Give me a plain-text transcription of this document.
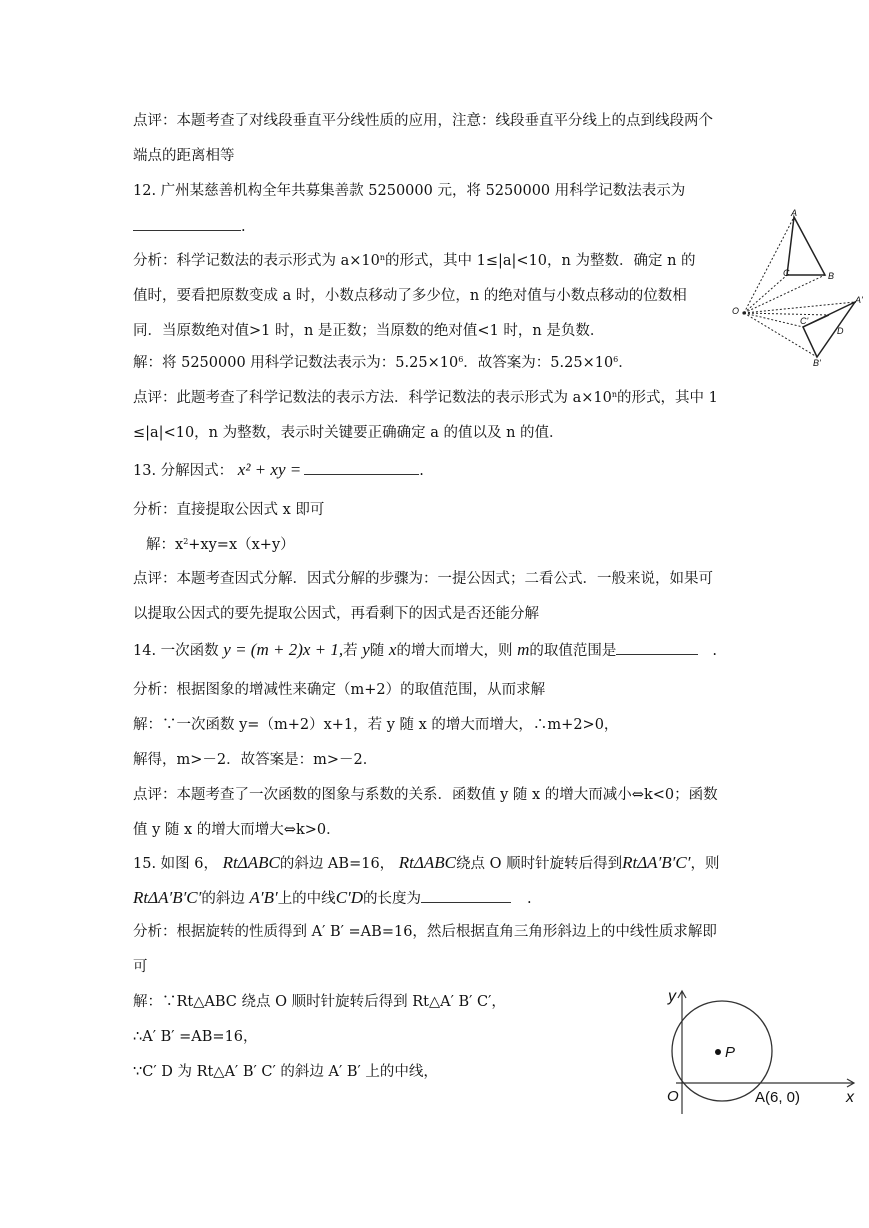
点评：本题考查了对线段垂直平分线性质的应用，注意：线段垂直平分线上的点到线段两个
端点的距离相等
12. 广州某慈善机构全年共募集善款 5250000 元，将 5250000 用科学记数法表示为
.
分析：科学记数法的表示形式为 $a\times 10^n$的形式，其中 1≤|a|<10，n 为整数．确定 n 的
值时，要看把原数变成 a 时，小数点移动了多少位，n 的绝对值与小数点移动的位数相
同．当原数绝对值>1 时，n 是正数；当原数的绝对值<1 时，n 是负数．
解：将 5250000 用科学记数法表示为：$5.25\times 10^6$．故答案为：$5.25\times 10^6$．
点评：此题考查了科学记数法的表示方法．科学记数法的表示形式为 $a\times 10^n$的形式，其中 1
≤|a|<10，n 为整数，表示时关键要正确确定 a 的值以及 n 的值．
13. 分解因式： x² + xy =	.
分析：直接提取公因式 x 即可
解：$x^2+xy=x(x+y)$
点评：本题考查因式分解．因式分解的步骤为：一提公因式；二看公式．一般来说，如果可
以提取公因式的要先提取公因式，再看剩下的因式是否还能分解
14. 一次函数 y = (m + 2)x + 1,若 y随 x的增大而增大，则 m的取值范围是	.
分析：根据图象的增减性来确定（m+2）的取值范围，从而求解
解：∵一次函数 y=（m+2）x+1，若 y 随 x 的增大而增大，∴m+2>0，
解得，m>－2．故答案是：m>－2．
点评：本题考查了一次函数的图象与系数的关系．函数值 y 随 x 的增大而减小⇔k<0；函数
值 y 随 x 的增大而增大⇔k>0．
15. 如图 6， RtΔABC的斜边 AB=16， RtΔABC绕点 O 顺时针旋转后得到RtΔA′B′C′，则
RtΔA′B′C′的斜边 A′B′上的中线C′D的长度为	.
分析：根据旋转的性质得到 A′ B′ =AB=16，然后根据直角三角形斜边上的中线性质求解即
可
解：∵Rt△ABC 绕点 O 顺时针旋转后得到 Rt△A′ B′ C′，
∴A′ B′ =AB=16，
∵C′ D 为 Rt△A′ B′ C′ 的斜边 A′ B′ 上的中线，
A
B
C
O
A'
C'
D
B'
y
x
O
P
A(6, 0)
